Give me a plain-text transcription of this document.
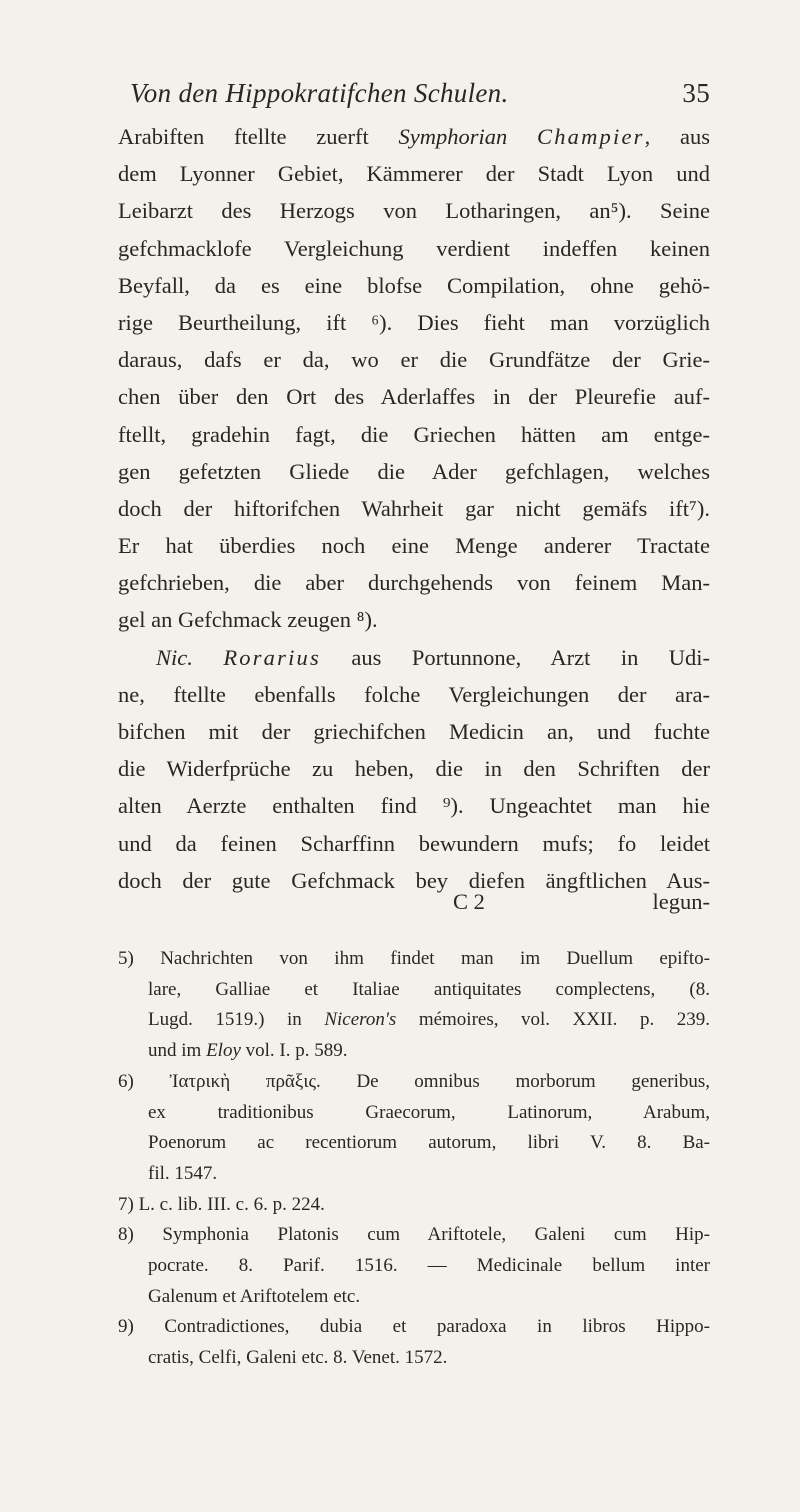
Von den Hippokratifchen Schulen.	35
Arabiften ftellte zuerft Symphorian Champier, aus
dem Lyonner Gebiet, Kämmerer der Stadt Lyon und
Leibarzt des Herzogs von Lotharingen, an⁵). Seine
gefchmacklofe Vergleichung verdient indeffen keinen
Beyfall, da es eine blofse Compilation, ohne gehö-
rige Beurtheilung, ift ⁶). Dies fieht man vorzüglich
daraus, dafs er da, wo er die Grundfätze der Grie-
chen über den Ort des Aderlaffes in der Pleurefie auf-
ftellt, gradehin fagt, die Griechen hätten am entge-
gen gefetzten Gliede die Ader gefchlagen, welches
doch der hiftorifchen Wahrheit gar nicht gemäfs ift⁷).
Er hat überdies noch eine Menge anderer Tractate
gefchrieben, die aber durchgehends von feinem Man-
gel an Gefchmack zeugen ⁸).
Nic. Rorarius aus Portunnone, Arzt in Udi-
ne, ftellte ebenfalls folche Vergleichungen der ara-
bifchen mit der griechifchen Medicin an, und fuchte
die Widerfprüche zu heben, die in den Schriften der
alten Aerzte enthalten find ⁹). Ungeachtet man hie
und da feinen Scharffinn bewundern mufs; fo leidet
doch der gute Gefchmack bey diefen ängftlichen Aus-
C 2	legun-
5) Nachrichten von ihm findet man im Duellum epifto-
lare, Galliae et Italiae antiquitates complectens, (8.
Lugd. 1519.) in Niceron's mémoires, vol. XXII. p. 239.
und im Eloy vol. I. p. 589.
6) Ἰατρικὴ πρᾶξις. De omnibus morborum generibus,
ex traditionibus Graecorum, Latinorum, Arabum,
Poenorum ac recentiorum autorum, libri V. 8. Ba-
fil. 1547.
7) L. c. lib. III. c. 6. p. 224.
8) Symphonia Platonis cum Ariftotele, Galeni cum Hip-
pocrate. 8. Parif. 1516. — Medicinale bellum inter
Galenum et Ariftotelem etc.
9) Contradictiones, dubia et paradoxa in libros Hippo-
cratis, Celfi, Galeni etc. 8. Venet. 1572.
